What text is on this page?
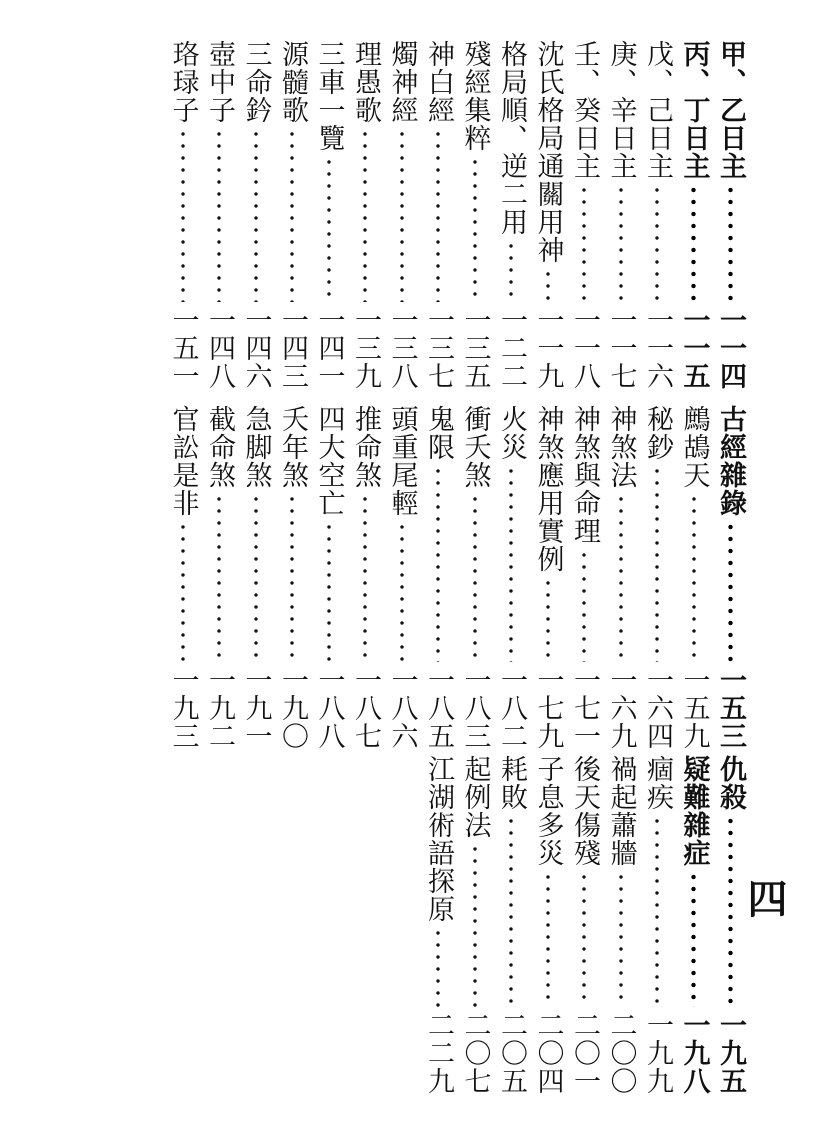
甲、乙日主
一一四
丙、丁日主
一一五
戊、己日主
一一六
庚、辛日主
一一七
壬、癸日主
一一八
沈氏格局通關用神
一一九
格局順、逆二用
一二二
殘經集粹
一三五
神白經
一三七
燭神經
一三八
理愚歌
一三九
三車一覽
一四一
源髓歌
一四三
三命鈐
一四六
壺中子
一四八
珞琭子
一五一
古經雜錄
一五三
鷓鴣天
一五九
秘鈔
一六四
神煞法
一六九
神煞與命理
一七一
神煞應用實例
一七九
火災
一八二
衝夭煞
一八三
鬼限
一八五
頭重尾輕
一八六
推命煞
一八七
四大空亡
一八八
夭年煞
一九〇
急脚煞
一九一
截命煞
一九二
官訟是非
一九三
仇殺
一九五
疑難雜症
一九八
痼疾
一九九
禍起蕭牆
二〇〇
後天傷殘
二〇一
子息多災
二〇四
耗敗
二〇五
起例法
二〇七
江湖術語探原
二二九
四
